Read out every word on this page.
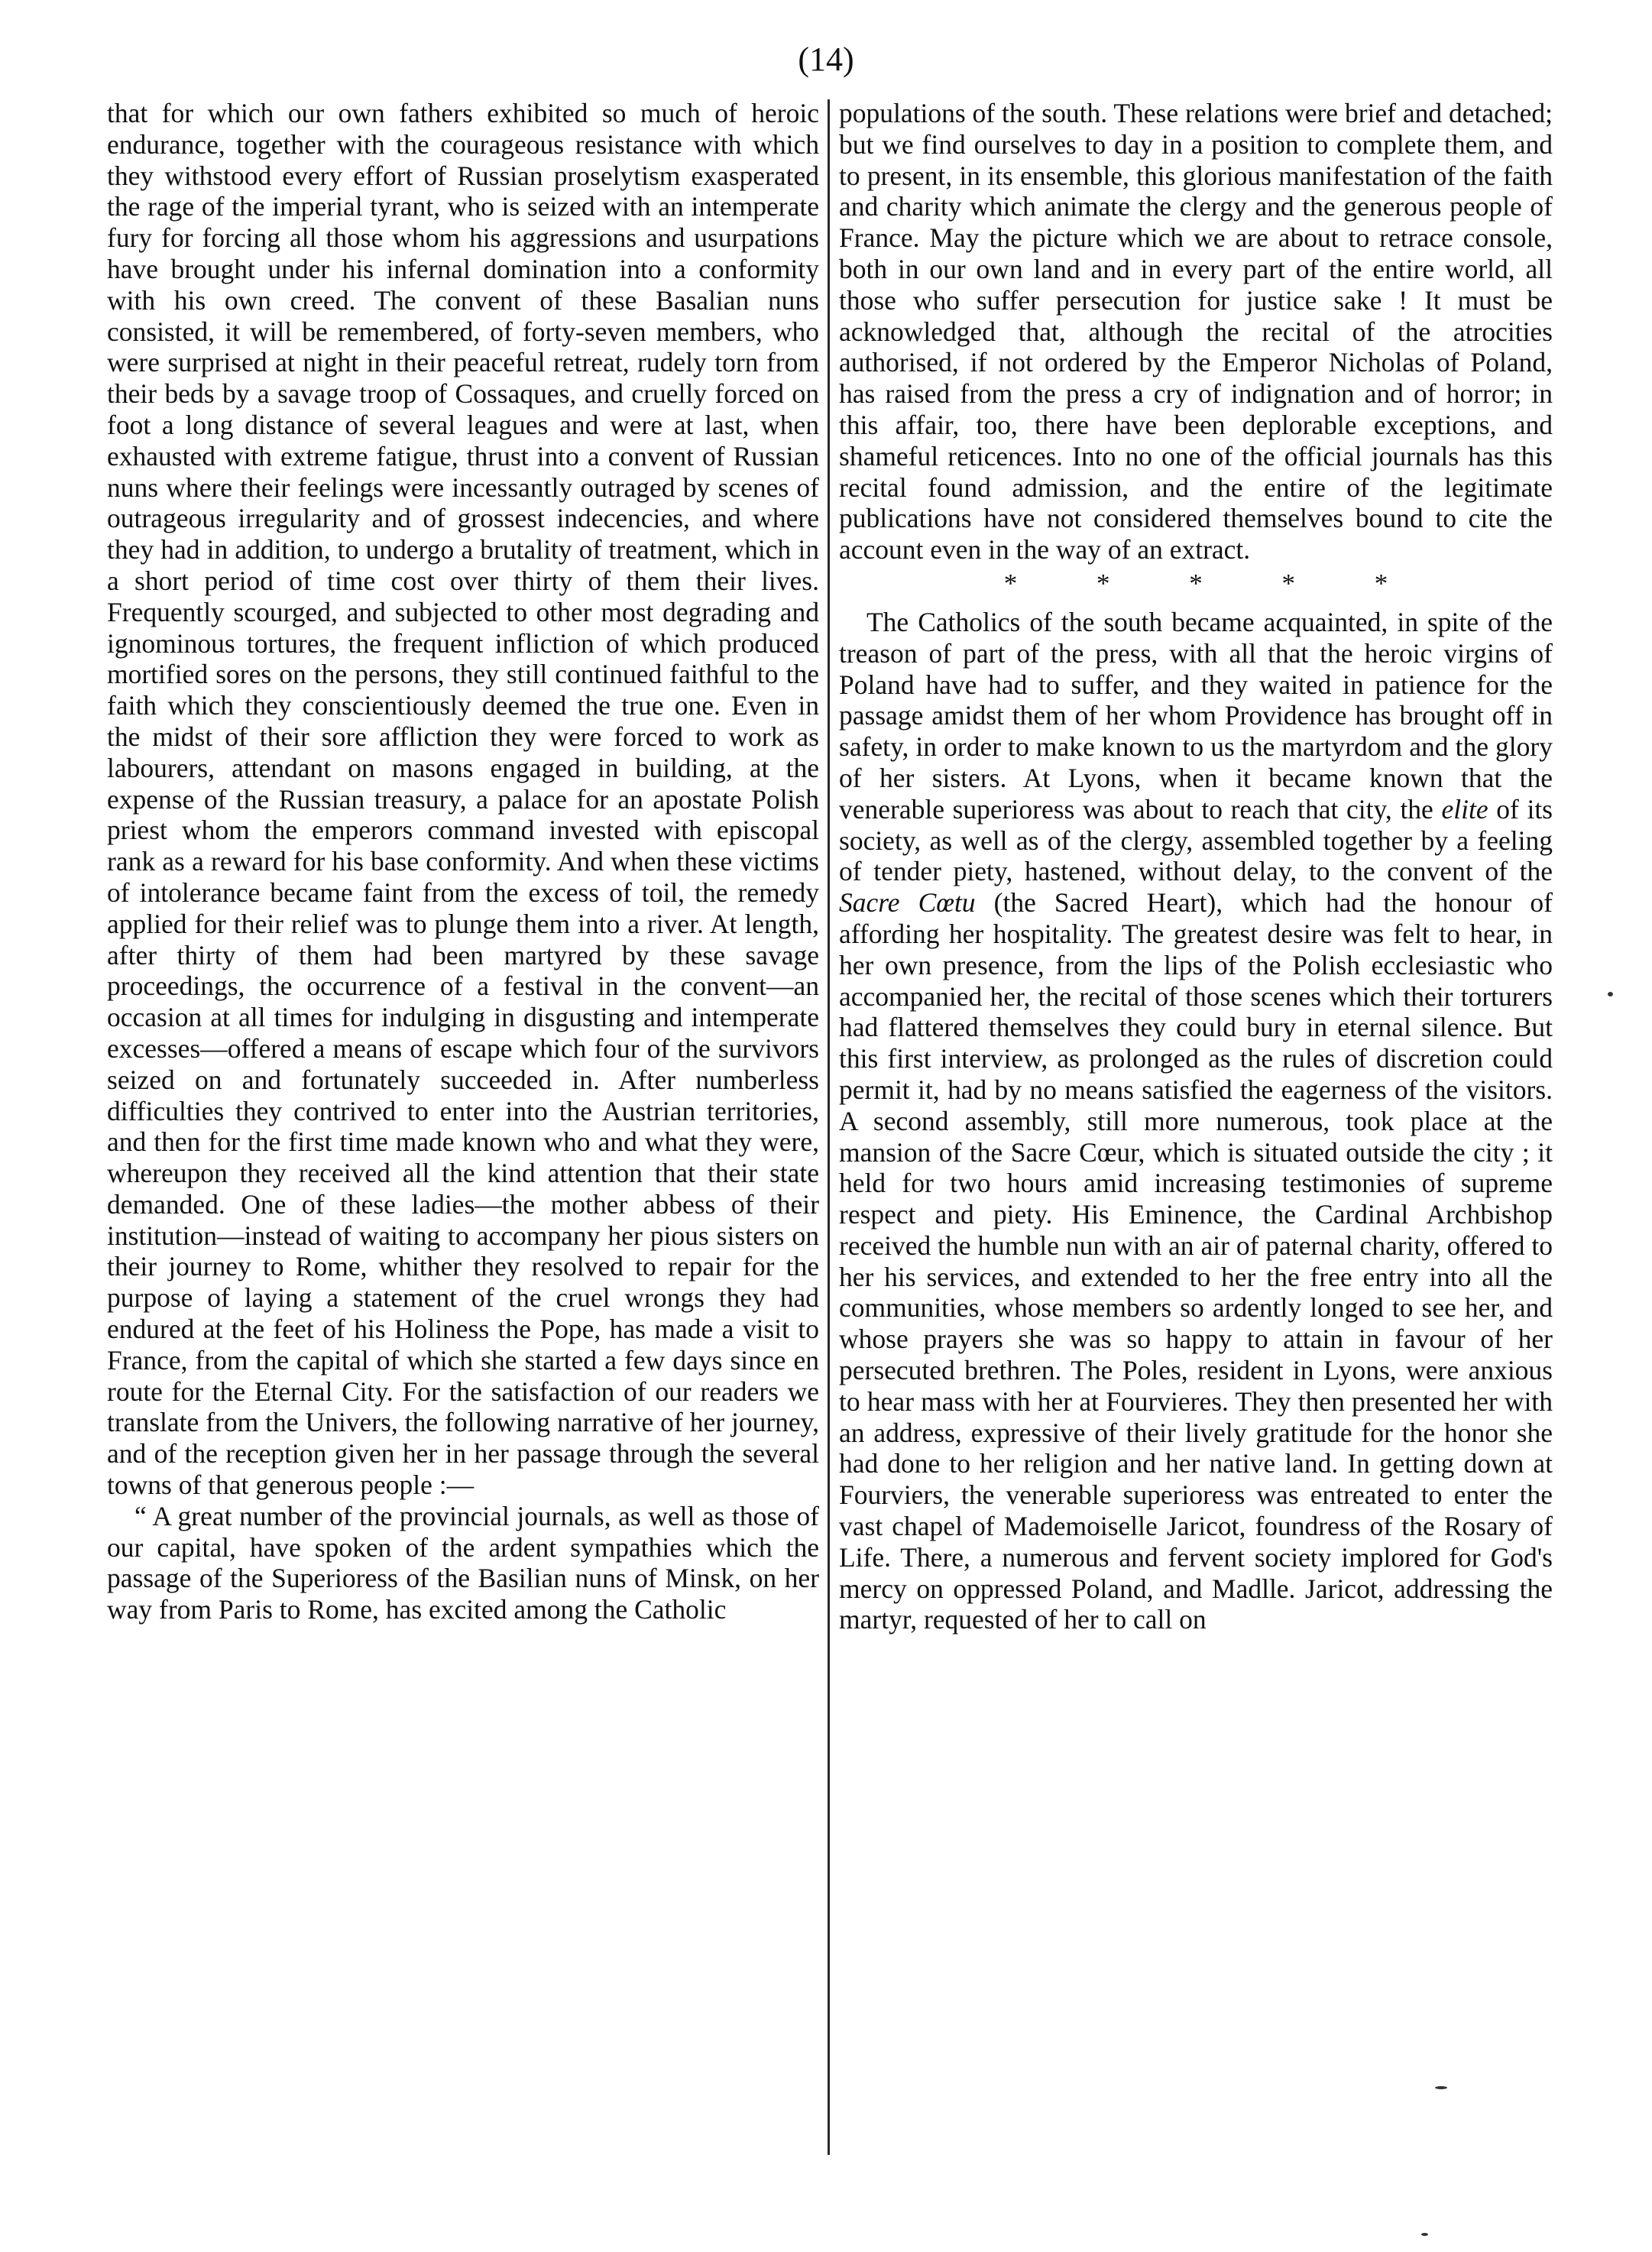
(14)

that for which our own fathers exhibited so much of heroic endurance, together with the courageous resistance with which they withstood every effort of Russian proselytism exasperated the rage of the imperial tyrant, who is seized with an intemperate fury for forcing all those whom his aggressions and usurpations have brought under his infernal domination into a conformity with his own creed. The convent of these Basalian nuns consisted, it will be remembered, of forty-seven members, who were surprised at night in their peaceful retreat, rudely torn from their beds by a savage troop of Cossaques, and cruelly forced on foot a long distance of several leagues and were at last, when exhausted with extreme fatigue, thrust into a convent of Russian nuns where their feelings were incessantly outraged by scenes of outrageous irregularity and of grossest indecencies, and where they had in addition, to undergo a brutality of treatment, which in a short period of time cost over thirty of them their lives. Frequently scourged, and subjected to other most degrading and ignominous tortures, the frequent infliction of which produced mortified sores on the persons, they still continued faithful to the faith which they conscientiously deemed the true one. Even in the midst of their sore affliction they were forced to work as labourers, attendant on masons engaged in building, at the expense of the Russian treasury, a palace for an apostate Polish priest whom the emperors command invested with episcopal rank as a reward for his base conformity. And when these victims of intolerance became faint from the excess of toil, the remedy applied for their relief was to plunge them into a river. At length, after thirty of them had been martyred by these savage proceedings, the occurrence of a festival in the convent—an occasion at all times for indulging in disgusting and intemperate excesses—offered a means of escape which four of the survivors seized on and fortunately succeeded in. After numberless difficulties they contrived to enter into the Austrian territories, and then for the first time made known who and what they were, whereupon they received all the kind attention that their state demanded. One of these ladies—the mother abbess of their institution—instead of waiting to accompany her pious sisters on their journey to Rome, whither they resolved to repair for the purpose of laying a statement of the cruel wrongs they had endured at the feet of his Holiness the Pope, has made a visit to France, from the capital of which she started a few days since en route for the Eternal City. For the satisfaction of our readers we translate from the Univers, the following narrative of her journey, and of the reception given her in her passage through the several towns of that generous people :—

“ A great number of the provincial journals, as well as those of our capital, have spoken of the ardent sympathies which the passage of the Superioress of the Basilian nuns of Minsk, on her way from Paris to Rome, has excited among the Catholic

populations of the south. These relations were brief and detached; but we find ourselves to day in a position to complete them, and to present, in its ensemble, this glorious manifestation of the faith and charity which animate the clergy and the generous people of France. May the picture which we are about to retrace console, both in our own land and in every part of the entire world, all those who suffer persecution for justice sake ! It must be acknowledged that, although the recital of the atrocities authorised, if not ordered by the Emperor Nicholas of Poland, has raised from the press a cry of indignation and of horror; in this affair, too, there have been deplorable exceptions, and shameful reticences. Into no one of the official journals has this recital found admission, and the entire of the legitimate publications have not considered themselves bound to cite the account even in the way of an extract.

* * * * *

The Catholics of the south became acquainted, in spite of the treason of part of the press, with all that the heroic virgins of Poland have had to suffer, and they waited in patience for the passage amidst them of her whom Providence has brought off in safety, in order to make known to us the martyrdom and the glory of her sisters. At Lyons, when it became known that the venerable superioress was about to reach that city, the elite of its society, as well as of the clergy, assembled together by a feeling of tender piety, hastened, without delay, to the convent of the Sacre Cœtu (the Sacred Heart), which had the honour of affording her hospitality. The greatest desire was felt to hear, in her own presence, from the lips of the Polish ecclesiastic who accompanied her, the recital of those scenes which their torturers had flattered themselves they could bury in eternal silence. But this first interview, as prolonged as the rules of discretion could permit it, had by no means satisfied the eagerness of the visitors. A second assembly, still more numerous, took place at the mansion of the Sacre Cœur, which is situated outside the city ; it held for two hours amid increasing testimonies of supreme respect and piety. His Eminence, the Cardinal Archbishop received the humble nun with an air of paternal charity, offered to her his services, and extended to her the free entry into all the communities, whose members so ardently longed to see her, and whose prayers she was so happy to attain in favour of her persecuted brethren. The Poles, resident in Lyons, were anxious to hear mass with her at Fourvieres. They then presented her with an address, expressive of their lively gratitude for the honor she had done to her religion and her native land. In getting down at Fourviers, the venerable superioress was entreated to enter the vast chapel of Mademoiselle Jaricot, foundress of the Rosary of Life. There, a numerous and fervent society implored for God's mercy on oppressed Poland, and Madlle. Jaricot, addressing the martyr, requested of her to call on
